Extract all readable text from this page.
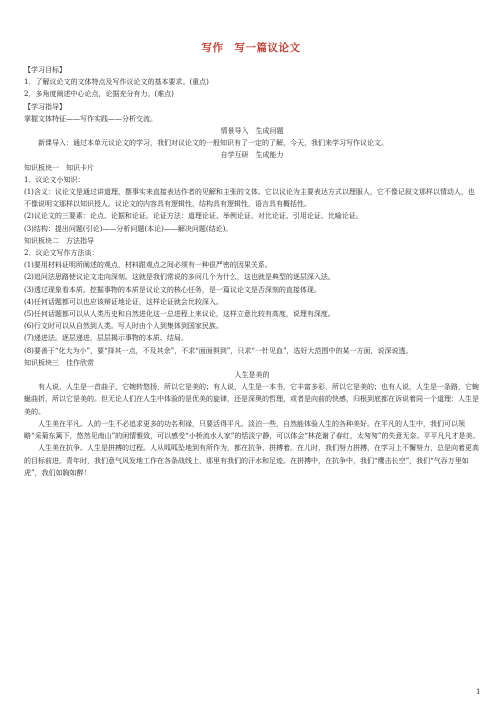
写作　写一篇议论文

【学习目标】

1．了解议论文的文体特点及写作议论文的基本要求。(重点)

2．多角度阐述中心论点，论据充分有力。(难点)

【学习指导】

掌握文体特征——写作实践——分析交流。

情景导入　生成问题

新课导入：通过本单元议论文的学习，我们对议论文的一般知识有了一定的了解，今天，我们来学习写作议论文。

自学互研　生成能力

知识板块一　知识卡片

1．议论文小知识：

(1)含义：议论文是通过讲道理、摆事实来直接表达作者的见解和主张的文体。它以议论为主要表达方式以理服人，它不像记叙文那样以情动人，也不像说明文那样以知识授人。议论文的内容具有逻辑性，结构具有逻辑性，语言具有概括性。

(2)议论文的三要素：论点、论据和论证。论证方法：道理论证、举例论证、对比论证、引用论证、比喻论证。

(3)结构：提出问题(引论)——分析问题(本论)——解决问题(结论)。

知识板块二　方法指导

2．议论文写作方法谈：

(1)要用材料证明所阐述的观点，材料跟观点之间必须有一种很严密的因果关系。

(2)追问法思路使议论文走向深刻。这就是我们常说的多问几个为什么，这也就是典型的逐层深入法。

(3)透过现象看本质。挖掘事物的本质是议论文的核心任务，是一篇议论文是否深刻的直接体现。

(4)任何话题都可以也应该辩证地论证，这样论证就会比较深入。

(5)任何话题都可以从人类历史和自然进化这一总进程上来议论，这样立意比较有高度，说理有深度。

(6)行文时可以从自然到人类。写人时由个人到集体到国家民族。

(7)递进法。逐层递进，层层揭示事物的本质、结局。

(8)要善于“化大为小”，要“择其一点，不及其余”，不求“面面俱到”，只求“一针见血”，选好大范围中的某一方面，说深说透。

知识板块三　佳作欣赏

人生是美的

有人说，人生是一首曲子，它婉转悠扬，所以它是美的；有人说，人生是一本书，它丰富多彩，所以它是美的；也有人说，人生是一条路，它蜿蜒曲折，所以它是美的。但无论人们在人生中体验的是优美的旋律，还是深奥的哲理，或者是向前的快感，归根到底都在诉说着同一个道理：人生是美的。

人生美在平凡。人的一生不必追求更多的功名利禄，只要活得平凡、淡泊一些，自然能体验人生的各种美好。在平凡的人生中，我们可以领略“采菊东篱下，悠然见南山”的闲情雅致，可以感受“小桥流水人家”的恬淡宁静，可以体会“林花谢了春红，太匆匆”的失意无奈。平平凡凡才是美。

人生美在抗争。人生是拼搏的过程。人从呱呱坠地到有所作为，都在抗争、拼搏着。在儿时，我们努力拼搏，在学习上不懈努力，总是向着更高的目标前进。青年时，我们意气风发地工作在各条战线上，那里有我们的汗水和足迹。在拼搏中，在抗争中，我们“鹰击长空”，我们“气吞万里如虎”，我们如胸如醉！

1
